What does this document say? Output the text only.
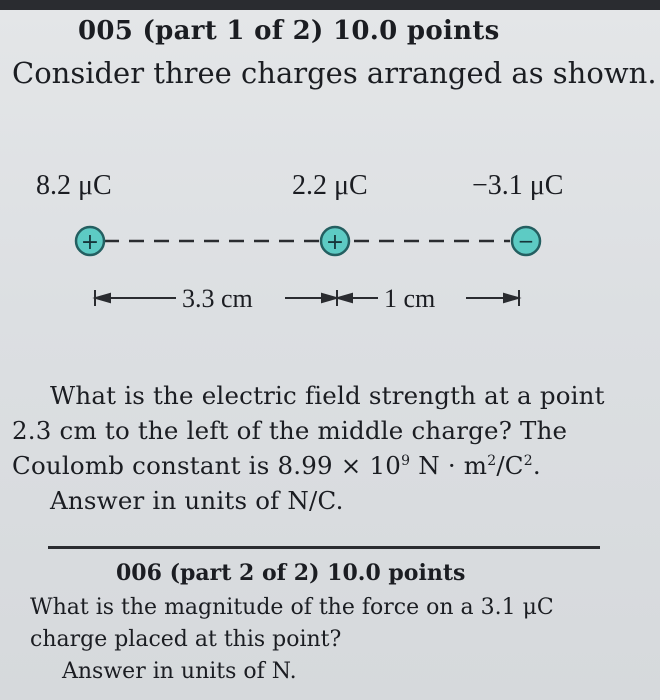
005 (part 1 of 2) 10.0 points
Consider three charges arranged as shown.
8.2 μC	2.2 μC	−3.1 μC
+	+	−
3.3 cm	1 cm
What is the electric field strength at a point
2.3 cm to the left of the middle charge? The
Coulomb constant is $8.99 \times 10^9$ $N \cdot m^2/C^2$.
Answer in units of N/C.
006 (part 2 of 2) 10.0 points
What is the magnitude of the force on a 3.1 μC
charge placed at this point?
Answer in units of N.
